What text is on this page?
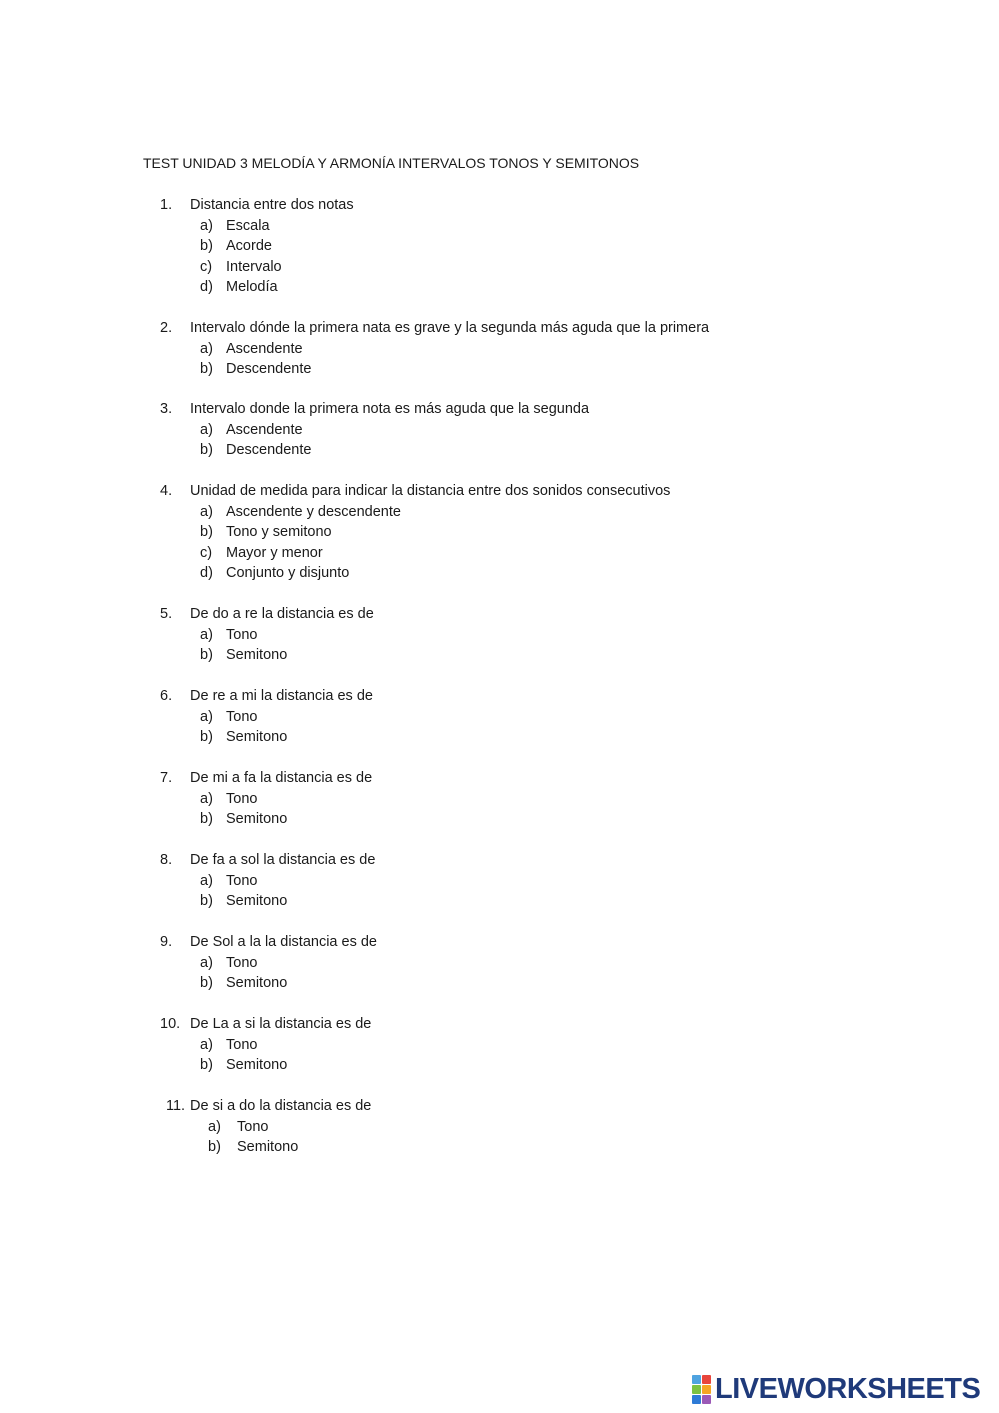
TEST UNIDAD 3 MELODÍA Y ARMONÍA INTERVALOS TONOS Y SEMITONOS
1. Distancia entre dos notas
a) Escala
b) Acorde
c) Intervalo
d) Melodía
2. Intervalo dónde la primera nata es grave y la segunda más aguda que la primera
a) Ascendente
b) Descendente
3. Intervalo donde la primera nota es más aguda que la segunda
a) Ascendente
b) Descendente
4. Unidad de medida para indicar la distancia entre dos sonidos consecutivos
a) Ascendente y descendente
b) Tono y semitono
c) Mayor y menor
d) Conjunto y disjunto
5. De do a re la distancia es de
a) Tono
b) Semitono
6. De re a mi la distancia es de
a) Tono
b) Semitono
7. De mi a fa la distancia es de
a) Tono
b) Semitono
8. De fa a sol la distancia es de
a) Tono
b) Semitono
9. De Sol a la la distancia es de
a) Tono
b) Semitono
10. De La a si la distancia es de
a) Tono
b) Semitono
11. De si a do la distancia es de
a) Tono
b) Semitono
LIVEWORKSHEETS
